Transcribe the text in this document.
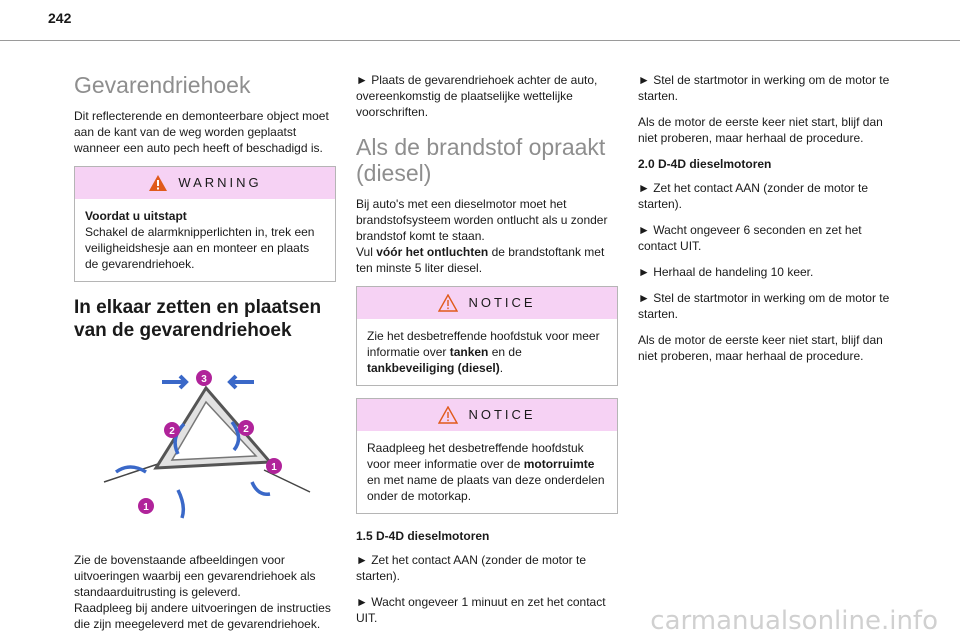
242
Gevarendriehoek

Dit reflecterende en demonteerbare object moet aan de kant van de weg worden geplaatst wanneer een auto pech heeft of beschadigd is.

WARNING

Voordat u uitstapt

Schakel de alarmknipperlichten in, trek een veiligheidshesje aan en monteer en plaats de gevarendriehoek.

In elkaar zetten en plaatsen van de gevarendriehoek
3
2	2
1
1

Zie de bovenstaande afbeeldingen voor uitvoeringen waarbij een gevarendriehoek als standaarduitrusting is geleverd.

Raadpleeg bij andere uitvoeringen de instructies die zijn meegeleverd met de gevarendriehoek.

► Plaats de gevarendriehoek achter de auto, overeenkomstig de plaatselijke wettelijke voorschriften.

Als de brandstof opraakt (diesel)

Bij auto's met een dieselmotor moet het brandstofsysteem worden ontlucht als u zonder brandstof komt te staan.

Vul vóór het ontluchten de brandstoftank met ten minste 5 liter diesel.

NOTICE

Zie het desbetreffende hoofdstuk voor meer informatie over tanken en de tankbeveiliging (diesel).

NOTICE

Raadpleeg het desbetreffende hoofdstuk voor meer informatie over de motorruimte en met name de plaats van deze onderdelen onder de motorkap.

1.5 D-4D dieselmotoren

► Zet het contact AAN (zonder de motor te starten).

► Wacht ongeveer 1 minuut en zet het contact UIT.

► Stel de startmotor in werking om de motor te starten.

Als de motor de eerste keer niet start, blijf dan niet proberen, maar herhaal de procedure.

2.0 D-4D dieselmotoren

► Zet het contact AAN (zonder de motor te starten).

► Wacht ongeveer 6 seconden en zet het contact UIT.

► Herhaal de handeling 10 keer.

► Stel de startmotor in werking om de motor te starten.

Als de motor de eerste keer niet start, blijf dan niet proberen, maar herhaal de procedure.

carmanualsonline.info
